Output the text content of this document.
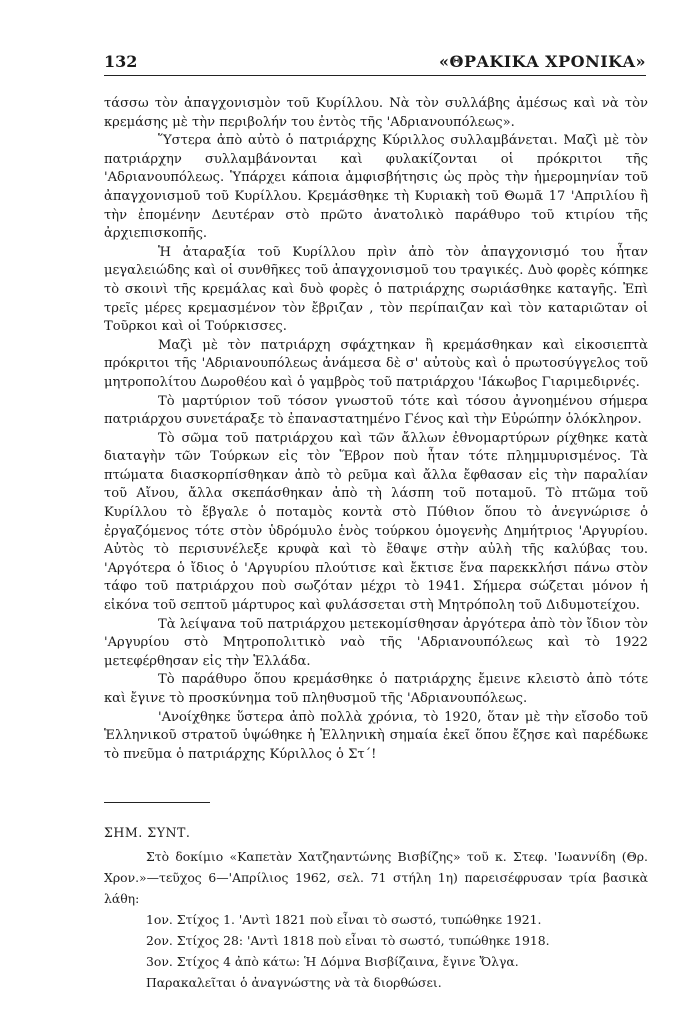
132	«ΘΡΑΚΙΚΑ ΧΡΟΝΙΚΑ»

τάσσω τὸν ἀπαγχονισμὸν τοῦ Κυρίλλου. Νὰ τὸν συλλάβης ἀμέσως καὶ νὰ τὸν κρεμάσης μὲ τὴν περιβολήν του ἐντὸς τῆς 'Αδριανουπόλεως».

Ὕστερα ἀπὸ αὐτὸ ὁ πατριάρχης Κύριλλος συλλαμβάνεται. Μαζὶ μὲ τὸν πατριάρχην συλλαμβάνονται καὶ φυλακίζονται οἱ πρόκριτοι τῆς 'Αδριανουπόλεως. Ὑπάρχει κάποια ἀμφισβήτησις ὡς πρὸς τὴν ἡμερομηνίαν τοῦ ἀπαγχονισμοῦ τοῦ Κυρίλλου. Κρεμάσθηκε τὴ Κυριακὴ τοῦ Θωμᾶ 17 'Απριλίου ἢ τὴν ἐπομένην Δευτέραν στὸ πρῶτο ἀνατολικὸ παράθυρο τοῦ κτιρίου τῆς ἀρχιεπισκοπῆς.

Ἡ ἀταραξία τοῦ Κυρίλλου πρὶν ἀπὸ τὸν ἀπαγχονισμό του ἦταν μεγαλειώδης καὶ οἱ συνθῆκες τοῦ ἀπαγχονισμοῦ του τραγικές. Δυὸ φορὲς κόπηκε τὸ σκοινὶ τῆς κρεμάλας καὶ δυὸ φορὲς ὁ πατριάρχης σωριάσθηκε καταγῆς. Ἐπὶ τρεῖς μέρες κρεμασμένον τὸν ἔβριζαν , τὸν περίπαιζαν καὶ τὸν καταριῶταν οἱ Τοῦρκοι καὶ οἱ Τούρκισσες.

Μαζὶ μὲ τὸν πατριάρχη σφάχτηκαν ἢ κρεμάσθηκαν καὶ εἰκοσιεπτὰ πρόκριτοι τῆς 'Αδριανουπόλεως ἀνάμεσα δὲ σ' αὐτοὺς καὶ ὁ πρωτοσύγγελος τοῦ μητροπολίτου Δωροθέου καὶ ὁ γαμβρὸς τοῦ πατριάρχου 'Ιάκωβος Γιαριμεδιρνές.

Τὸ μαρτύριον τοῦ τόσον γνωστοῦ τότε καὶ τόσου ἀγνοημένου σήμερα πατριάρχου συνετάραξε τὸ ἐπαναστατημένο Γένος καὶ τὴν Εὐρώπην ὁλόκληρον.

Τὸ σῶμα τοῦ πατριάρχου καὶ τῶν ἄλλων ἐθνομαρτύρων ρίχθηκε κατὰ διαταγὴν τῶν Τούρκων εἰς τὸν Ἕβρον ποὺ ἦταν τότε πλημμυρισμένος. Τὰ πτώματα διασκορπίσθηκαν ἀπὸ τὸ ρεῦμα καὶ ἄλλα ἔφθασαν εἰς τὴν παραλίαν τοῦ Αἴνου, ἄλλα σκεπάσθηκαν ἀπὸ τὴ λάσπη τοῦ ποταμοῦ. Τὸ πτῶμα τοῦ Κυρίλλου τὸ ἔβγαλε ὁ ποταμὸς κοντὰ στὸ Πύθιον ὅπου τὸ ἀνεγνώρισε ὁ ἐργαζόμενος τότε στὸν ὑδρόμυλο ἑνὸς τούρκου ὁμογενὴς Δημήτριος 'Αργυρίου. Αὐτὸς τὸ περισυνέλεξε κρυφὰ καὶ τὸ ἔθαψε στὴν αὐλὴ τῆς καλύβας του. 'Αργότερα ὁ ἴδιος ὁ 'Αργυρίου πλούτισε καὶ ἔκτισε ἕνα παρεκκλήσι πάνω στὸν τάφο τοῦ πατριάρχου ποὺ σωζόταν μέχρι τὸ 1941. Σήμερα σώζεται μόνον ἡ εἰκόνα τοῦ σεπτοῦ μάρτυρος καὶ φυλάσσεται στὴ Μητρόπολη τοῦ Διδυμοτείχου.

Τὰ λείψανα τοῦ πατριάρχου μετεκομίσθησαν ἀργότερα ἀπὸ τὸν ἴδιον τὸν 'Αργυρίου στὸ Μητροπολιτικὸ ναὸ τῆς 'Αδριανουπόλεως καὶ τὸ 1922 μετεφέρθησαν εἰς τὴν Ἑλλάδα.

Τὸ παράθυρο ὅπου κρεμάσθηκε ὁ πατριάρχης ἔμεινε κλειστὸ ἀπὸ τότε καὶ ἔγινε τὸ προσκύνημα τοῦ πληθυσμοῦ τῆς 'Αδριανουπόλεως.

'Ανοίχθηκε ὕστερα ἀπὸ πολλὰ χρόνια, τὸ 1920, ὅταν μὲ τὴν εἴσοδο τοῦ Ἑλληνικοῦ στρατοῦ ὑψώθηκε ἡ Ἑλληνικὴ σημαία ἐκεῖ ὅπου ἔζησε καὶ παρέδωκε τὸ πνεῦμα ὁ πατριάρχης Κύριλλος ὁ Στ΄!

ΣΗΜ. ΣΥΝΤ.

Στὸ δοκίμιο «Καπετὰν Χατζηαντώνης Βισβίζης» τοῦ κ. Στεφ. 'Ιωαννίδη (Θρ. Χρον.»—τεῦχος 6—'Απρίλιος 1962, σελ. 71 στήλη 1η) παρεισέφρυσαν τρία βασικὰ λάθη:

1ον. Στίχος 1. 'Αντὶ 1821 ποὺ εἶναι τὸ σωστό, τυπώθηκε 1921.

2ον. Στίχος 28: 'Αντὶ 1818 ποὺ εἶναι τὸ σωστό, τυπώθηκε 1918.

3ον. Στίχος 4 ἀπὸ κάτω: Ἡ Δόμνα Βισβίζαινα, ἔγινε Ὄλγα.

Παρακαλεῖται ὁ ἀναγνώστης νὰ τὰ διορθώσει.
